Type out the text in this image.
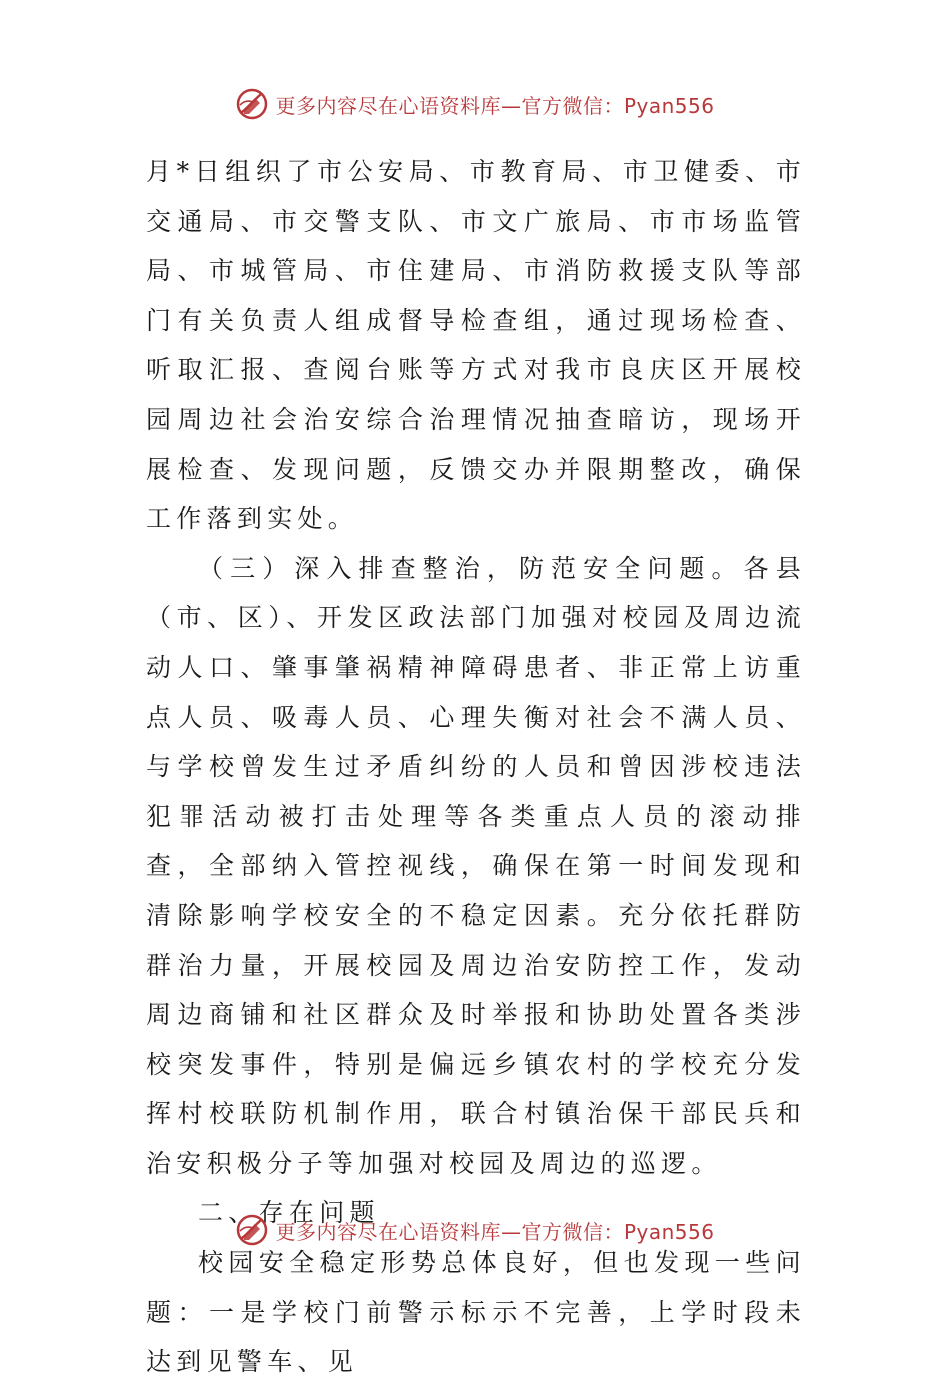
更多内容尽在心语资料库—官方微信：Pyan556

月*日组织了市公安局、市教育局、市卫健委、市交通局、市交警支队、市文广旅局、市市场监管局、市城管局、市住建局、市消防救援支队等部门有关负责人组成督导检查组，通过现场检查、听取汇报、查阅台账等方式对我市良庆区开展校园周边社会治安综合治理情况抽查暗访，现场开展检查、发现问题，反馈交办并限期整改，确保工作落到实处。

（三）深入排查整治，防范安全问题。各县（市、区）、开发区政法部门加强对校园及周边流动人口、肇事肇祸精神障碍患者、非正常上访重点人员、吸毒人员、心理失衡对社会不满人员、与学校曾发生过矛盾纠纷的人员和曾因涉校违法犯罪活动被打击处理等各类重点人员的滚动排查，全部纳入管控视线，确保在第一时间发现和清除影响学校安全的不稳定因素。充分依托群防群治力量，开展校园及周边治安防控工作，发动周边商铺和社区群众及时举报和协助处置各类涉校突发事件，特别是偏远乡镇农村的学校充分发挥村校联防机制作用，联合村镇治保干部民兵和治安积极分子等加强对校园及周边的巡逻。

二、存在问题

校园安全稳定形势总体良好，但也发现一些问题：一是学校门前警示标示不完善，上学时段未达到见警车、见

更多内容尽在心语资料库—官方微信：Pyan556
